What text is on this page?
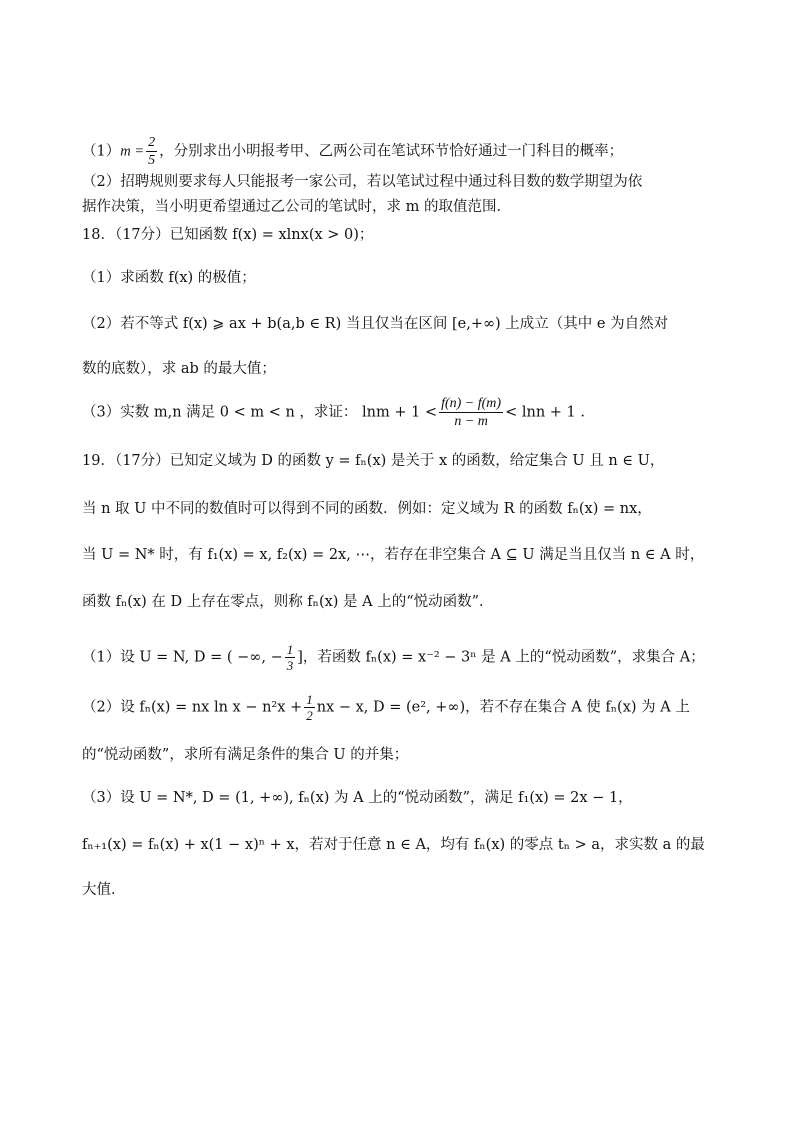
$(1)m = \frac{2}{5}$ ，分别求出小明报考甲、乙两公司在笔试环节恰好通过一门科目的概率；
（2）招聘规则要求每人只能报考一家公司，若以笔试过程中通过科目数的数学期望为依
据作决策，当小明更希望通过乙公司的笔试时，求 m 的取值范围．
18．（17分）已知函数 f(x) = xlnx(x > 0)；
（1）求函数 f(x) 的极值；
（2）若不等式 f(x) ⩾ ax + b(a,b ∈ R) 当且仅当在区间 [e,+∞) 上成立（其中 e 为自然对
数的底数），求 ab 的最大值；
（3）实数 m,n 满足 0 < m < n ，求证： $\ln m + 1 < \frac{f(n) - f(m)}{n - m} < \ln n + 1$ .
19．（17分）已知定义域为 D 的函数 y = fₙ(x) 是关于 x 的函数，给定集合 U 且 n ∈ U，
当 n 取 U 中不同的数值时可以得到不同的函数．例如：定义域为 R 的函数 fₙ(x) = nx，
当 U = N* 时，有 f₁(x) = x, f₂(x) = 2x, ⋯，若存在非空集合 A ⊆ U 满足当且仅当 n ∈ A 时，
函数 fₙ(x) 在 D 上存在零点，则称 fₙ(x) 是 A 上的“悦动函数”．
（1）设 U = N, D = ( −∞, − $\frac{1}{3}$ ]，若函数 fₙ(x) = x⁻² − 3ⁿ 是 A 上的“悦动函数”，求集合 A；
（2）设 fₙ(x) = nx $\ln x - n^2x + \frac{1}{2}$ nx − x, D = (e², +∞)，若不存在集合 A 使 fₙ(x) 为 A 上
的“悦动函数”，求所有满足条件的集合 U 的并集；
（3）设 U = N*, D = (1, +∞), fₙ(x) 为 A 上的“悦动函数”，满足 f₁(x) = 2x − 1，
fₙ₊₁(x) = fₙ(x) + x(1 − x)ⁿ + x，若对于任意 n ∈ A，均有 fₙ(x) 的零点 tₙ > a，求实数 a 的最
大值．
